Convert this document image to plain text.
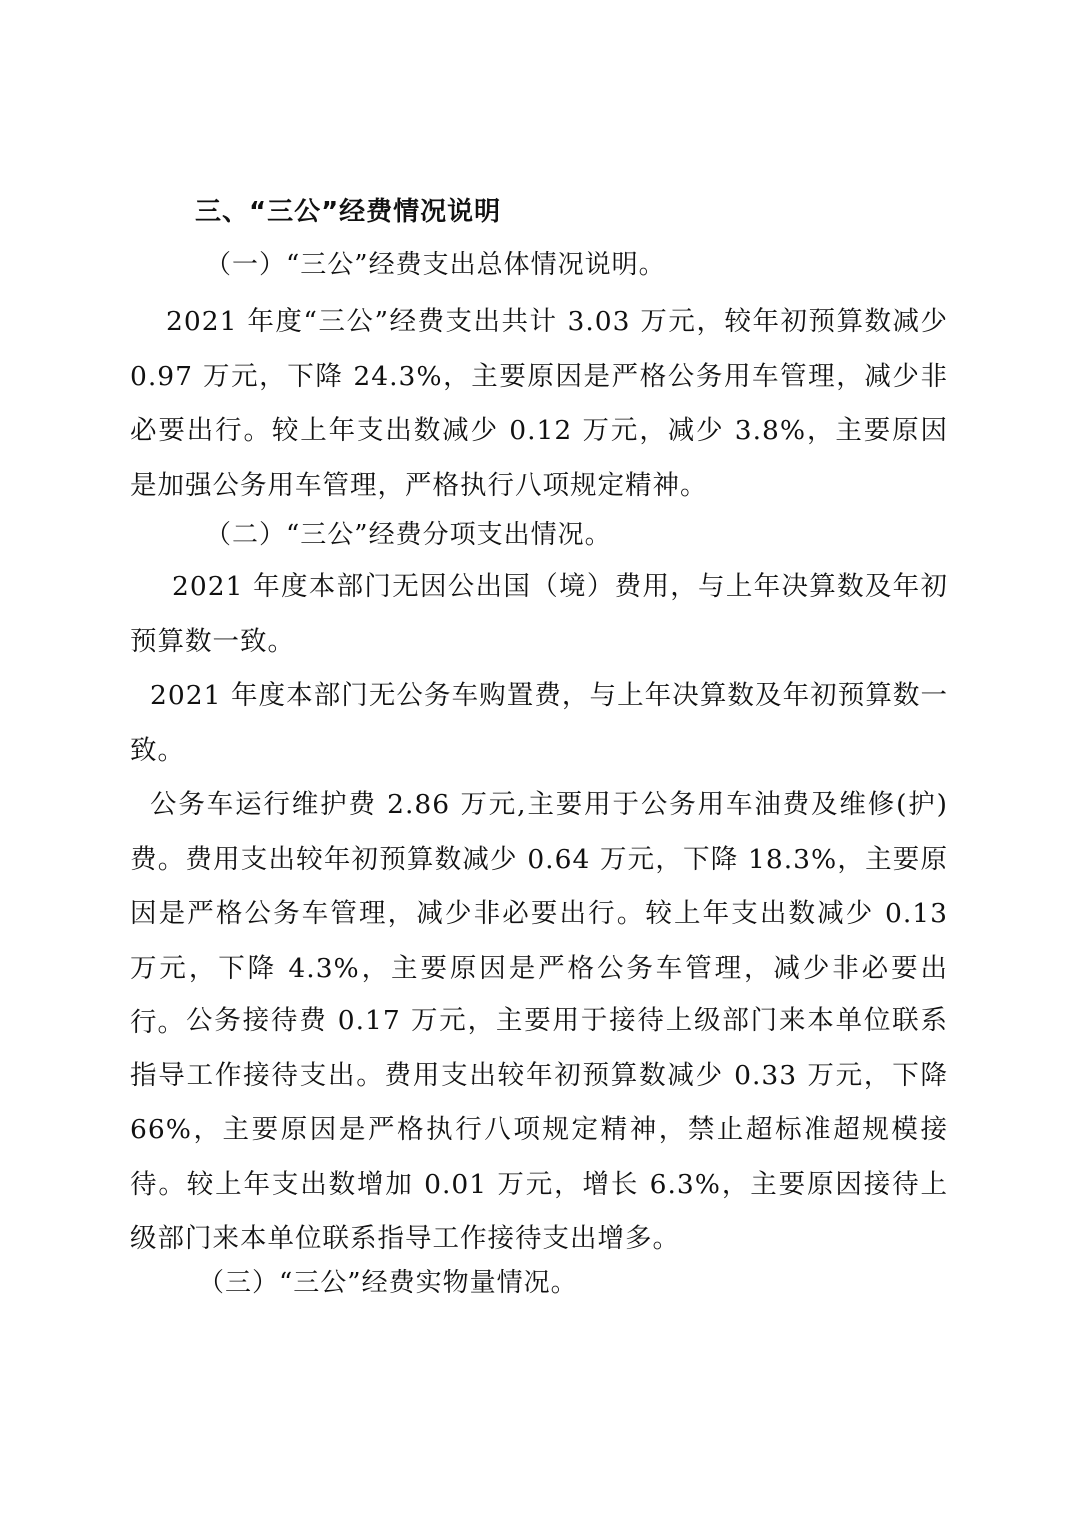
三、“三公”经费情况说明
（一）“三公”经费支出总体情况说明。
2021 年度“三公”经费支出共计 3.03 万元，较年初预算数减少 0.97 万元，下降 24.3%，主要原因是严格公务用车管理，减少非必要出行。较上年支出数减少 0.12 万元，减少 3.8%，主要原因是加强公务用车管理，严格执行八项规定精神。
（二）“三公”经费分项支出情况。
2021 年度本部门无因公出国（境）费用，与上年决算数及年初预算数一致。
2021 年度本部门无公务车购置费，与上年决算数及年初预算数一致。
公务车运行维护费 2.86 万元,主要用于公务用车油费及维修(护)费。费用支出较年初预算数减少 0.64 万元，下降 18.3%，主要原因是严格公务车管理，减少非必要出行。较上年支出数减少 0.13 万元，下降 4.3%，主要原因是严格公务车管理，减少非必要出行。 公务接待费 0.17 万元，主要用于接待上级部门来本单位联系指导工作接待支出。费用支出较年初预算数减少 0.33 万元，下降 66%，主要原因是严格执行八项规定精神，禁止超标准超规模接待。较上年支出数增加 0.01 万元，增长 6.3%，主要原因接待上级部门来本单位联系指导工作接待支出增多。
（三）“三公”经费实物量情况。
